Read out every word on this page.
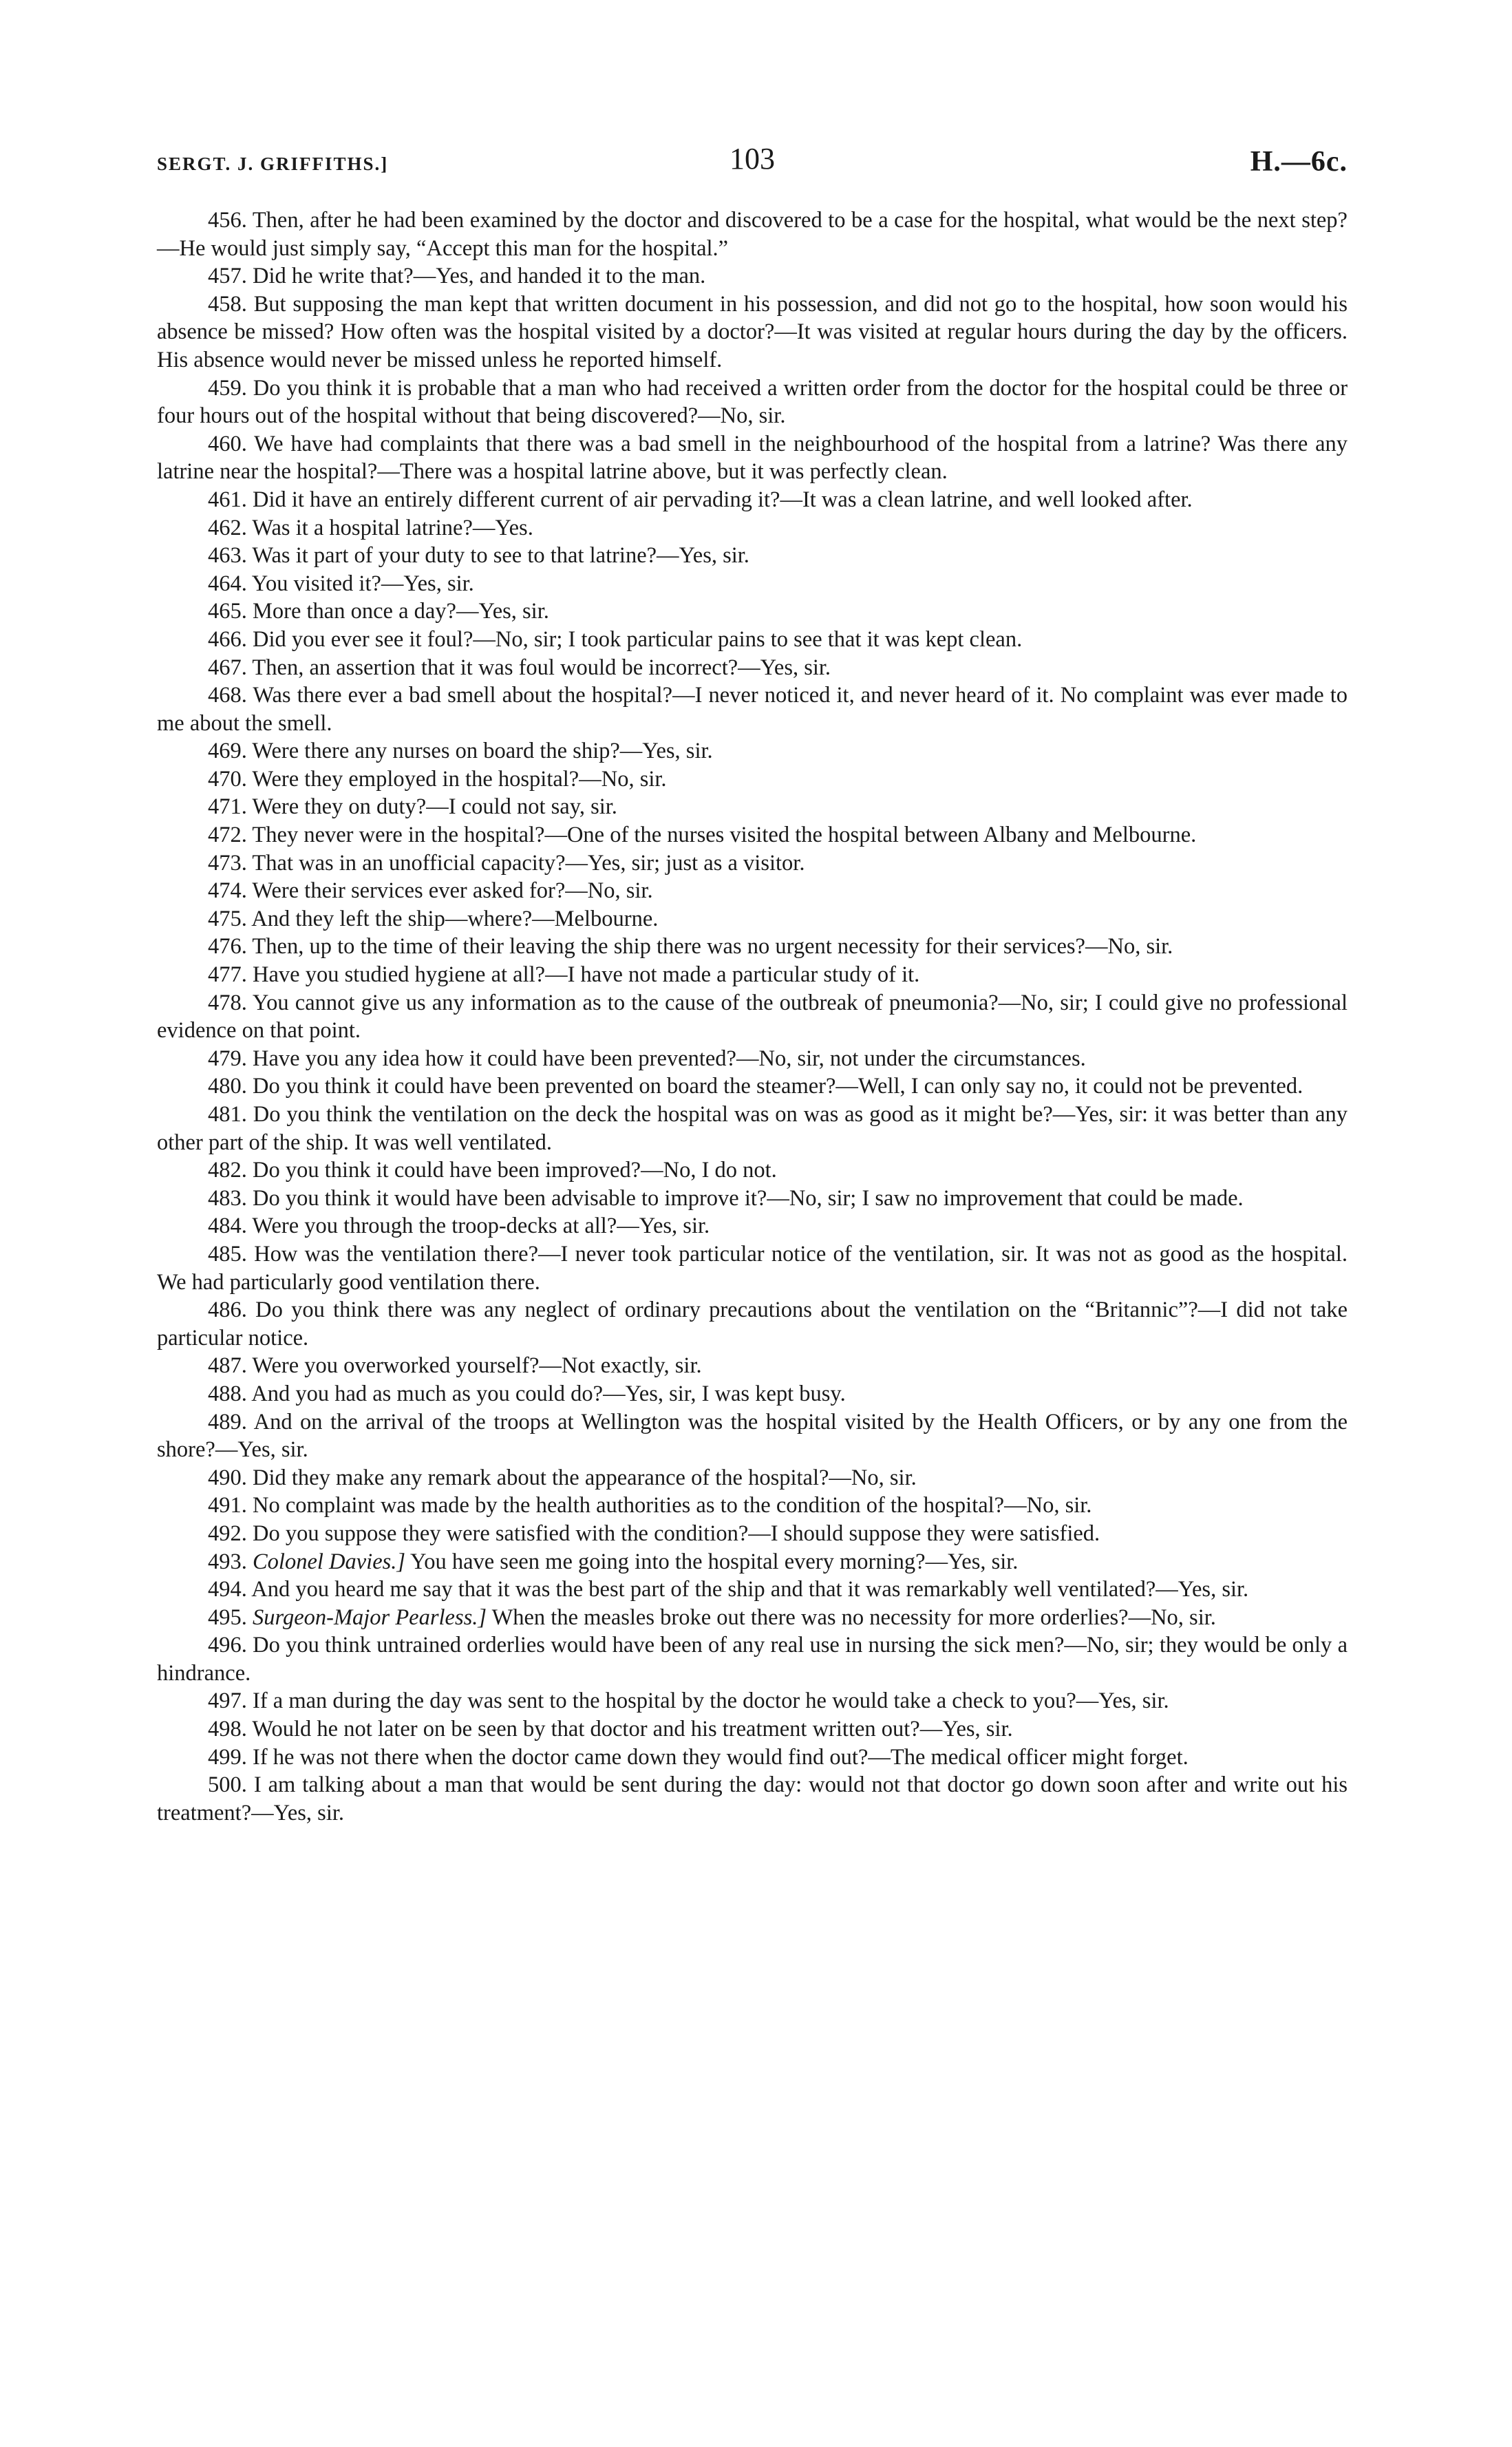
SERGT. J. GRIFFITHS.]	103	H.—6c.

456. Then, after he had been examined by the doctor and discovered to be a case for the hospital, what would be the next step?—He would just simply say, “Accept this man for the hospital.”

457. Did he write that?—Yes, and handed it to the man.

458. But supposing the man kept that written document in his possession, and did not go to the hospital, how soon would his absence be missed? How often was the hospital visited by a doctor?—It was visited at regular hours during the day by the officers. His absence would never be missed unless he reported himself.

459. Do you think it is probable that a man who had received a written order from the doctor for the hospital could be three or four hours out of the hospital without that being discovered?—No, sir.

460. We have had complaints that there was a bad smell in the neighbourhood of the hospital from a latrine? Was there any latrine near the hospital?—There was a hospital latrine above, but it was perfectly clean.

461. Did it have an entirely different current of air pervading it?—It was a clean latrine, and well looked after.

462. Was it a hospital latrine?—Yes.

463. Was it part of your duty to see to that latrine?—Yes, sir.

464. You visited it?—Yes, sir.

465. More than once a day?—Yes, sir.

466. Did you ever see it foul?—No, sir; I took particular pains to see that it was kept clean.

467. Then, an assertion that it was foul would be incorrect?—Yes, sir.

468. Was there ever a bad smell about the hospital?—I never noticed it, and never heard of it. No complaint was ever made to me about the smell.

469. Were there any nurses on board the ship?—Yes, sir.

470. Were they employed in the hospital?—No, sir.

471. Were they on duty?—I could not say, sir.

472. They never were in the hospital?—One of the nurses visited the hospital between Albany and Melbourne.

473. That was in an unofficial capacity?—Yes, sir; just as a visitor.

474. Were their services ever asked for?—No, sir.

475. And they left the ship—where?—Melbourne.

476. Then, up to the time of their leaving the ship there was no urgent necessity for their services?—No, sir.

477. Have you studied hygiene at all?—I have not made a particular study of it.

478. You cannot give us any information as to the cause of the outbreak of pneumonia?—No, sir; I could give no professional evidence on that point.

479. Have you any idea how it could have been prevented?—No, sir, not under the circumstances.

480. Do you think it could have been prevented on board the steamer?—Well, I can only say no, it could not be prevented.

481. Do you think the ventilation on the deck the hospital was on was as good as it might be?—Yes, sir: it was better than any other part of the ship. It was well ventilated.

482. Do you think it could have been improved?—No, I do not.

483. Do you think it would have been advisable to improve it?—No, sir; I saw no improvement that could be made.

484. Were you through the troop-decks at all?—Yes, sir.

485. How was the ventilation there?—I never took particular notice of the ventilation, sir. It was not as good as the hospital. We had particularly good ventilation there.

486. Do you think there was any neglect of ordinary precautions about the ventilation on the “Britannic”?—I did not take particular notice.

487. Were you overworked yourself?—Not exactly, sir.

488. And you had as much as you could do?—Yes, sir, I was kept busy.

489. And on the arrival of the troops at Wellington was the hospital visited by the Health Officers, or by any one from the shore?—Yes, sir.

490. Did they make any remark about the appearance of the hospital?—No, sir.

491. No complaint was made by the health authorities as to the condition of the hospital?—No, sir.

492. Do you suppose they were satisfied with the condition?—I should suppose they were satisfied.

493. Colonel Davies.] You have seen me going into the hospital every morning?—Yes, sir.

494. And you heard me say that it was the best part of the ship and that it was remarkably well ventilated?—Yes, sir.

495. Surgeon-Major Pearless.] When the measles broke out there was no necessity for more orderlies?—No, sir.

496. Do you think untrained orderlies would have been of any real use in nursing the sick men?—No, sir; they would be only a hindrance.

497. If a man during the day was sent to the hospital by the doctor he would take a check to you?—Yes, sir.

498. Would he not later on be seen by that doctor and his treatment written out?—Yes, sir.

499. If he was not there when the doctor came down they would find out?—The medical officer might forget.

500. I am talking about a man that would be sent during the day: would not that doctor go down soon after and write out his treatment?—Yes, sir.
